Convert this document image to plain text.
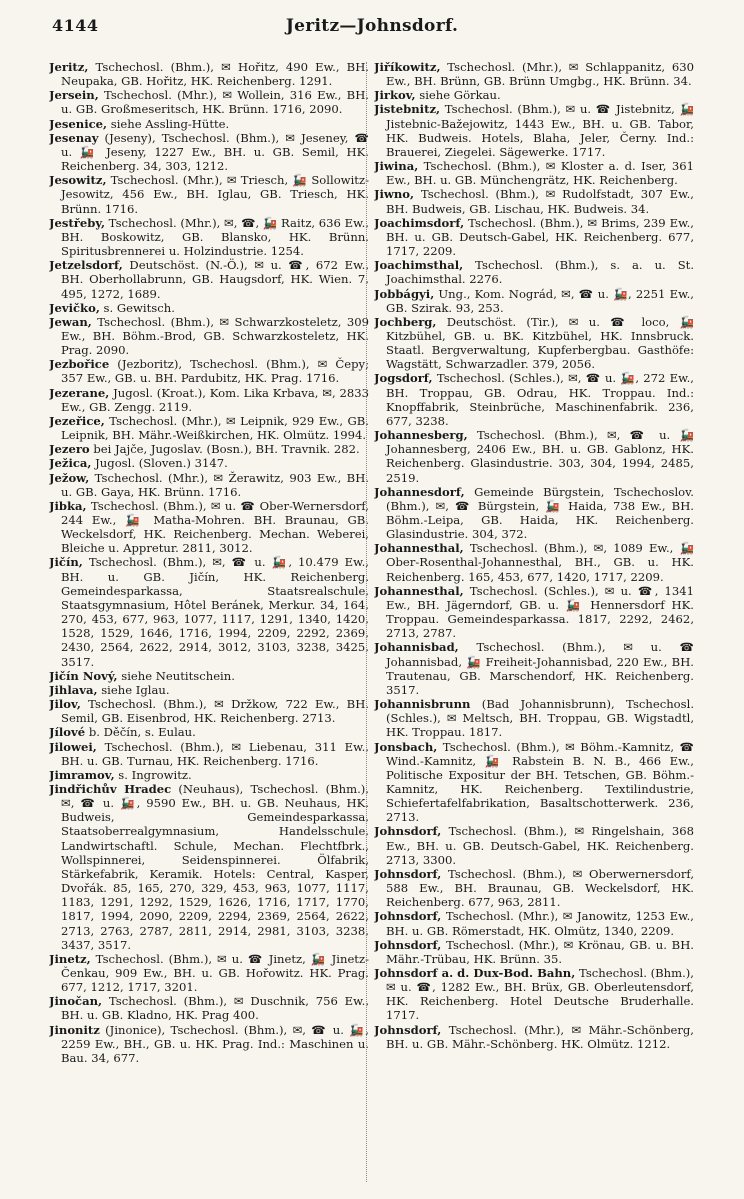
4144	Jeritz—Johnsdorf.

Jeritz, Tschechosl. (Bhm.), ✉ Hořitz, 490 Ew., BH. Neupaka, GB. Hořitz, HK. Reichenberg. 1291.

Jersein, Tschechosl. (Mhr.), ✉ Wollein, 316 Ew., BH. u. GB. Großmeseritsch, HK. Brünn. 1716, 2090.

Jesenice, siehe Assling-Hütte.

Jesenay (Jeseny), Tschechosl. (Bhm.), ✉ Jeseney, ☎ u. 🚂 Jeseny, 1227 Ew., BH. u. GB. Semil, HK. Reichenberg. 34, 303, 1212.

Jesowitz, Tschechosl. (Mhr.), ✉ Triesch, 🚂 Sollowitz-Jesowitz, 456 Ew., BH. Iglau, GB. Triesch, HK. Brünn. 1716.

Jestřeby, Tschechosl. (Mhr.), ✉, ☎, 🚂 Raitz, 636 Ew., BH. Boskowitz, GB. Blansko, HK. Brünn. Spiritusbrennerei u. Holzindustrie. 1254.

Jetzelsdorf, Deutschöst. (N.-Ö.), ✉ u. ☎, 672 Ew., BH. Oberhollabrunn, GB. Haugsdorf, HK. Wien. 7, 495, 1272, 1689.

Jevičko, s. Gewitsch.

Jewan, Tschechosl. (Bhm.), ✉ Schwarzkosteletz, 309 Ew., BH. Böhm.-Brod, GB. Schwarzkosteletz, HK. Prag. 2090.

Jezbořice (Jezboritz), Tschechosl. (Bhm.), ✉ Čepy; 357 Ew., GB. u. BH. Pardubitz, HK. Prag. 1716.

Jezerane, Jugosl. (Kroat.), Kom. Lika Krbava, ✉, 2833 Ew., GB. Zengg. 2119.

Jezeřice, Tschechosl. (Mhr.), ✉ Leipnik, 929 Ew., GB. Leipnik, BH. Mähr.-Weißkirchen, HK. Olmütz. 1994.

Jezero bei Jajče, Jugoslav. (Bosn.), BH. Travnik. 282.

Ježica, Jugosl. (Sloven.) 3147.

Ježow, Tschechosl. (Mhr.), ✉ Žerawitz, 903 Ew., BH. u. GB. Gaya, HK. Brünn. 1716.

Jibka, Tschechosl. (Bhm.), ✉ u. ☎ Ober-Wernersdorf, 244 Ew., 🚂 Matha-Mohren. BH. Braunau, GB. Weckelsdorf, HK. Reichenberg. Mechan. Weberei, Bleiche u. Appretur. 2811, 3012.

Jičín, Tschechosl. (Bhm.), ✉, ☎ u. 🚂, 10.479 Ew., BH. u. GB. Jičín, HK. Reichenberg. Gemeindesparkassa, Staatsrealschule, Staatsgymnasium, Hôtel Beránek, Merkur. 34, 164, 270, 453, 677, 963, 1077, 1117, 1291, 1340, 1420, 1528, 1529, 1646, 1716, 1994, 2209, 2292, 2369, 2430, 2564, 2622, 2914, 3012, 3103, 3238, 3425, 3517.

Jičín Nový, siehe Neutitschein.

Jihlava, siehe Iglau.

Jilov, Tschechosl. (Bhm.), ✉ Držkow, 722 Ew., BH. Semil, GB. Eisenbrod, HK. Reichenberg. 2713.

Jílové b. Děčín, s. Eulau.

Jilowei, Tschechosl. (Bhm.), ✉ Liebenau, 311 Ew., BH. u. GB. Turnau, HK. Reichenberg. 1716.

Jimramov, s. Ingrowitz.

Jindřichův Hradec (Neuhaus), Tschechosl. (Bhm.), ✉, ☎ u. 🚂, 9590 Ew., BH. u. GB. Neuhaus, HK. Budweis, Gemeindesparkassa, Staatsoberrealgymnasium, Handelsschule, Landwirtschaftl. Schule, Mechan. Flechtfbrk., Wollspinnerei, Seidenspinnerei. Ölfabrik, Stärkefabrik, Keramik. Hotels: Central, Kasper, Dvořák. 85, 165, 270, 329, 453, 963, 1077, 1117, 1183, 1291, 1292, 1529, 1626, 1716, 1717, 1770, 1817, 1994, 2090, 2209, 2294, 2369, 2564, 2622, 2713, 2763, 2787, 2811, 2914, 2981, 3103, 3238, 3437, 3517.

Jinetz, Tschechosl. (Bhm.), ✉ u. ☎ Jinetz, 🚂 Jinetz-Čenkau, 909 Ew., BH. u. GB. Hořowitz. HK. Prag. 677, 1212, 1717, 3201.

Jinočan, Tschechosl. (Bhm.), ✉ Duschnik, 756 Ew., BH. u. GB. Kladno, HK. Prag 400.

Jinonitz (Jinonice), Tschechosl. (Bhm.), ✉, ☎ u. 🚂, 2259 Ew., BH., GB. u. HK. Prag. Ind.: Maschinen u. Bau. 34, 677.

Jiříkowitz, Tschechosl. (Mhr.), ✉ Schlappanitz, 630 Ew., BH. Brünn, GB. Brünn Umgbg., HK. Brünn. 34.

Jirkov, siehe Görkau.

Jistebnitz, Tschechosl. (Bhm.), ✉ u. ☎ Jistebnitz, 🚂 Jistebnic-Bažejowitz, 1443 Ew., BH. u. GB. Tabor, HK. Budweis. Hotels, Blaha, Jeler, Černy. Ind.: Brauerei, Ziegelei. Sägewerke. 1717.

Jiwina, Tschechosl. (Bhm.), ✉ Kloster a. d. Iser, 361 Ew., BH. u. GB. Münchengrätz, HK. Reichenberg.

Jiwno, Tschechosl. (Bhm.), ✉ Rudolfstadt, 307 Ew., BH. Budweis, GB. Lischau, HK. Budweis. 34.

Joachimsdorf, Tschechosl. (Bhm.), ✉ Brims, 239 Ew., BH. u. GB. Deutsch-Gabel, HK. Reichenberg. 677, 1717, 2209.

Joachimsthal, Tschechosl. (Bhm.), s. a. u. St. Joachimsthal. 2276.

Jobbágyi, Ung., Kom. Nográd, ✉, ☎ u. 🚂, 2251 Ew., GB. Szirak. 93, 253.

Jochberg, Deutschöst. (Tir.), ✉ u. ☎ loco, 🚂 Kitzbühel, GB. u. BK. Kitzbühel, HK. Innsbruck. Staatl. Bergverwaltung, Kupferbergbau. Gasthöfe: Wagstätt, Schwarzadler. 379, 2056.

Jogsdorf, Tschechosl. (Schles.), ✉, ☎ u. 🚂, 272 Ew., BH. Troppau, GB. Odrau, HK. Troppau. Ind.: Knopffabrik, Steinbrüche, Maschinenfabrik. 236, 677, 3238.

Johannesberg, Tschechosl. (Bhm.), ✉, ☎ u. 🚂 Johannesberg, 2406 Ew., BH. u. GB. Gablonz, HK. Reichenberg. Glasindustrie. 303, 304, 1994, 2485, 2519.

Johannesdorf, Gemeinde Bürgstein, Tschechoslov. (Bhm.), ✉, ☎ Bürgstein, 🚂 Haida, 738 Ew., BH. Böhm.-Leipa, GB. Haida, HK. Reichenberg. Glasindustrie. 304, 372.

Johannesthal, Tschechosl. (Bhm.), ✉, 1089 Ew., 🚂 Ober-Rosenthal-Johannesthal, BH., GB. u. HK. Reichenberg. 165, 453, 677, 1420, 1717, 2209.

Johannesthal, Tschechosl. (Schles.), ✉ u. ☎, 1341 Ew., BH. Jägerndorf, GB. u. 🚂 Hennersdorf HK. Troppau. Gemeindesparkassa. 1817, 2292, 2462, 2713, 2787.

Johannisbad, Tschechosl. (Bhm.), ✉ u. ☎ Johannisbad, 🚂 Freiheit-Johannisbad, 220 Ew., BH. Trautenau, GB. Marschendorf, HK. Reichenberg. 3517.

Johannisbrunn (Bad Johannisbrunn), Tschechosl. (Schles.), ✉ Meltsch, BH. Troppau, GB. Wigstadtl, HK. Troppau. 1817.

Jonsbach, Tschechosl. (Bhm.), ✉ Böhm.-Kamnitz, ☎ Wind.-Kamnitz, 🚂 Rabstein B. N. B., 466 Ew., Politische Expositur der BH. Tetschen, GB. Böhm.-Kamnitz, HK. Reichenberg. Textilindustrie, Schiefertafelfabrikation, Basaltschotterwerk. 236, 2713.

Johnsdorf, Tschechosl. (Bhm.), ✉ Ringelshain, 368 Ew., BH. u. GB. Deutsch-Gabel, HK. Reichenberg. 2713, 3300.

Johnsdorf, Tschechosl. (Bhm.), ✉ Oberwernersdorf, 588 Ew., BH. Braunau, GB. Weckelsdorf, HK. Reichenberg. 677, 963, 2811.

Johnsdorf, Tschechosl. (Mhr.), ✉ Janowitz, 1253 Ew., BH. u. GB. Römerstadt, HK. Olmütz, 1340, 2209.

Johnsdorf, Tschechosl. (Mhr.), ✉ Krönau, GB. u. BH. Mähr.-Trübau, HK. Brünn. 35.

Johnsdorf a. d. Dux-Bod. Bahn, Tschechosl. (Bhm.), ✉ u. ☎, 1282 Ew., BH. Brüx, GB. Oberleutensdorf, HK. Reichenberg. Hotel Deutsche Bruderhalle. 1717.

Johnsdorf, Tschechosl. (Mhr.), ✉ Mähr.-Schönberg, BH. u. GB. Mähr.-Schönberg. HK. Olmütz. 1212.
